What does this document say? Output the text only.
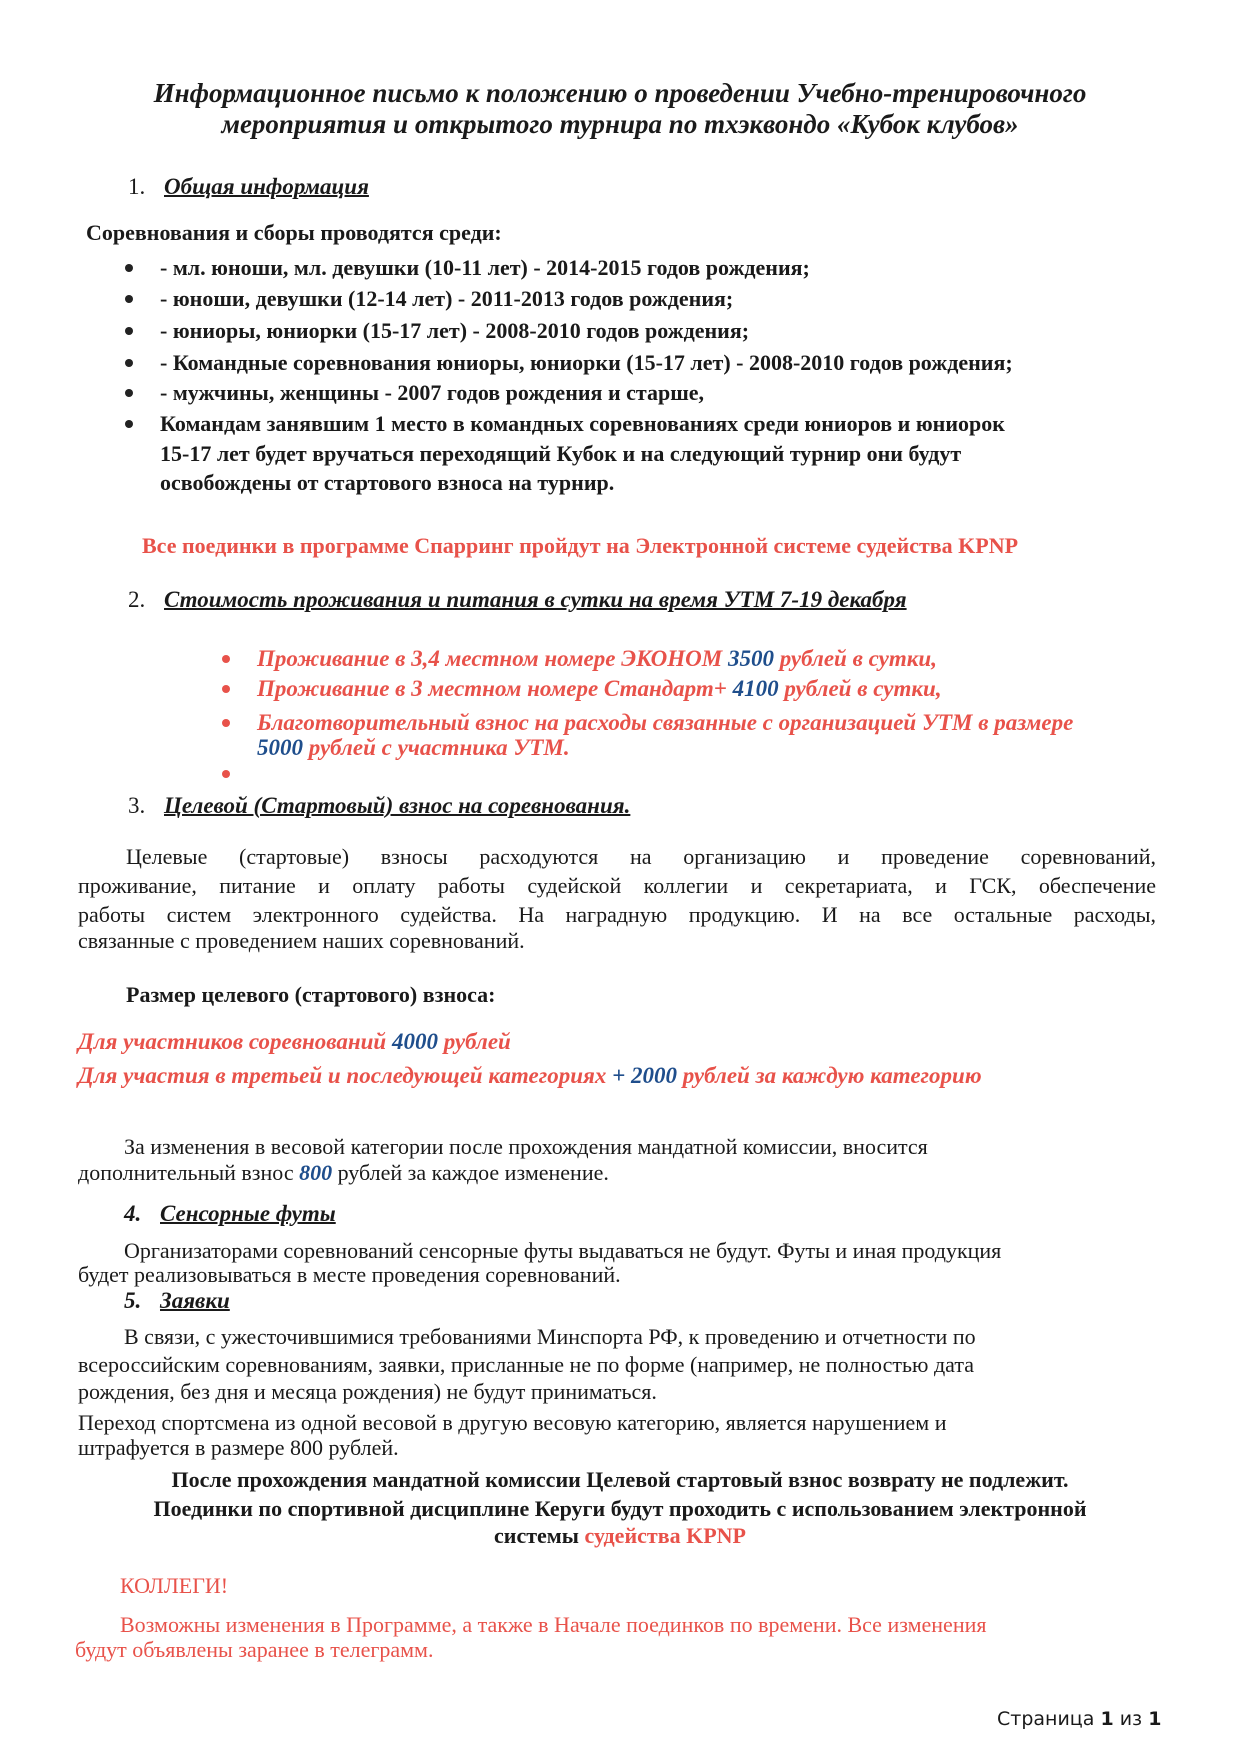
Информационное письмо к положению о проведении Учебно-тренировочного
мероприятия и открытого турнира по тхэквондо «Кубок клубов»
1. Общая информация
Соревнования и сборы проводятся среди:
- мл. юноши, мл. девушки (10-11 лет) - 2014-2015 годов рождения;
- юноши, девушки (12-14 лет) - 2011-2013 годов рождения;
- юниоры, юниорки (15-17 лет) - 2008-2010 годов рождения;
- Командные соревнования юниоры, юниорки (15-17 лет) - 2008-2010 годов рождения;
- мужчины, женщины - 2007 годов рождения и старше,
Командам занявшим 1 место в командных соревнованиях среди юниоров и юниорок
15-17 лет будет вручаться переходящий Кубок и на следующий турнир они будут
освобождены от стартового взноса на турнир.
Все поединки в программе Спарринг пройдут на Электронной системе судейства KPNP
2. Стоимость проживания и питания в сутки на время УТМ 7-19 декабря
Проживание в 3,4 местном номере ЭКОНОМ 3500 рублей в сутки,
Проживание в 3 местном номере Стандарт+ 4100 рублей в сутки,
Благотворительный взнос на расходы связанные с организацией УТМ в размере
5000 рублей с участника УТМ.
3. Целевой (Стартовый) взнос на соревнования.
Целевые (стартовые) взносы расходуются на организацию и проведение соревнований,
проживание, питание и оплату работы судейской коллегии и секретариата, и ГСК, обеспечение
работы систем электронного судейства. На наградную продукцию. И на все остальные расходы,
связанные с проведением наших соревнований.
Размер целевого (стартового) взноса:
Для участников соревнований 4000 рублей
Для участия в третьей и последующей категориях + 2000 рублей за каждую категорию
За изменения в весовой категории после прохождения мандатной комиссии, вносится
дополнительный взнос 800 рублей за каждое изменение.
4. Сенсорные футы
Организаторами соревнований сенсорные футы выдаваться не будут. Футы и иная продукция
будет реализовываться в месте проведения соревнований.
5. Заявки
В связи, с ужесточившимися требованиями Минспорта РФ, к проведению и отчетности по
всероссийским соревнованиям, заявки, присланные не по форме (например, не полностью дата
рождения, без дня и месяца рождения) не будут приниматься.
Переход спортсмена из одной весовой в другую весовую категорию, является нарушением и
штрафуется в размере 800 рублей.
После прохождения мандатной комиссии Целевой стартовый взнос возврату не подлежит.
Поединки по спортивной дисциплине Керуги будут проходить с использованием электронной
системы судейства KPNP
КОЛЛЕГИ!
Возможны изменения в Программе, а также в Начале поединков по времени. Все изменения
будут объявлены заранее в телеграмм.
Страница 1 из 1
